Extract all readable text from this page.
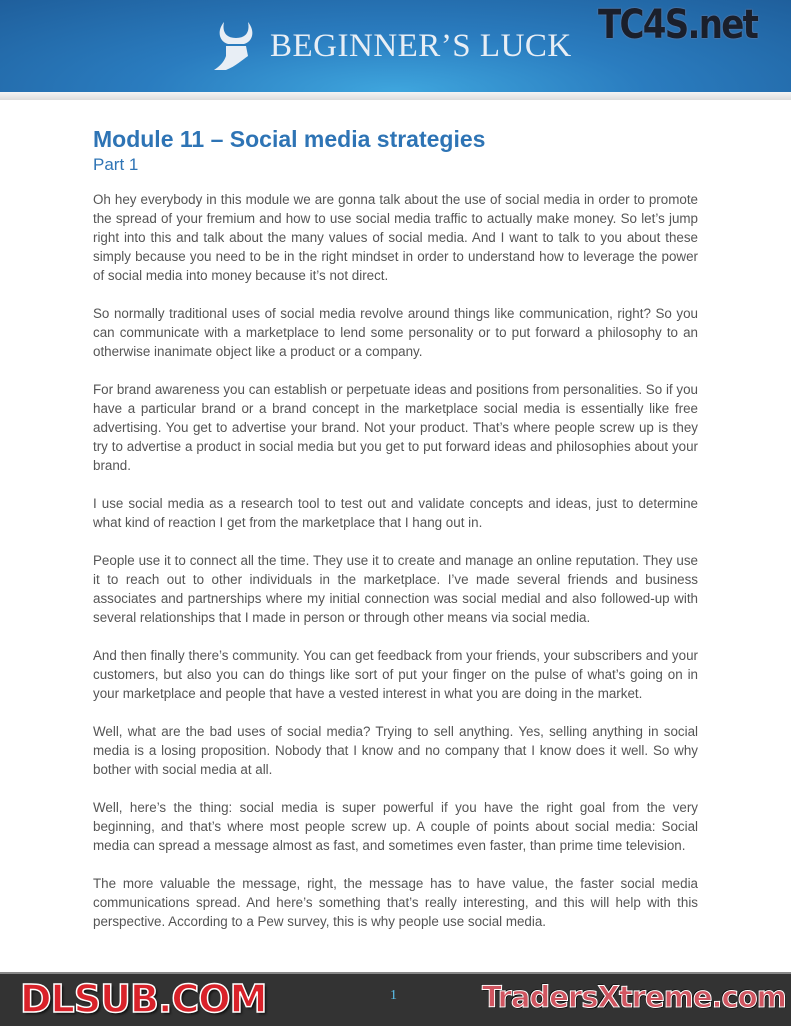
BEGINNER’S LUCK TC4S.net
Module 11 – Social media strategies
Part 1

Oh hey everybody in this module we are gonna talk about the use of social media in order to promote the spread of your fremium and how to use social media traffic to actually make money. So let’s jump right into this and talk about the many values of social media. And I want to talk to you about these simply because you need to be in the right mindset in order to understand how to leverage the power of social media into money because it’s not direct.

So normally traditional uses of social media revolve around things like communication, right? So you can communicate with a marketplace to lend some personality or to put forward a philosophy to an otherwise inanimate object like a product or a company.

For brand awareness you can establish or perpetuate ideas and positions from personalities. So if you have a particular brand or a brand concept in the marketplace social media is essentially like free advertising. You get to advertise your brand. Not your product. That’s where people screw up is they try to advertise a product in social media but you get to put forward ideas and philosophies about your brand.

I use social media as a research tool to test out and validate concepts and ideas, just to determine what kind of reaction I get from the marketplace that I hang out in.

People use it to connect all the time. They use it to create and manage an online reputation. They use it to reach out to other individuals in the marketplace. I’ve made several friends and business associates and partnerships where my initial connection was social medial and also followed-up with several relationships that I made in person or through other means via social media.

And then finally there’s community. You can get feedback from your friends, your subscribers and your customers, but also you can do things like sort of put your finger on the pulse of what’s going on in your marketplace and people that have a vested interest in what you are doing in the market.

Well, what are the bad uses of social media? Trying to sell anything. Yes, selling anything in social media is a losing proposition. Nobody that I know and no company that I know does it well. So why bother with social media at all.

Well, here’s the thing: social media is super powerful if you have the right goal from the very beginning, and that’s where most people screw up. A couple of points about social media: Social media can spread a message almost as fast, and sometimes even faster, than prime time television.

The more valuable the message, right, the message has to have value, the faster social media communications spread. And here’s something that’s really interesting, and this will help with this perspective. According to a Pew survey, this is why people use social media.

DLSUB.COM	1	TradersXtreme.com
